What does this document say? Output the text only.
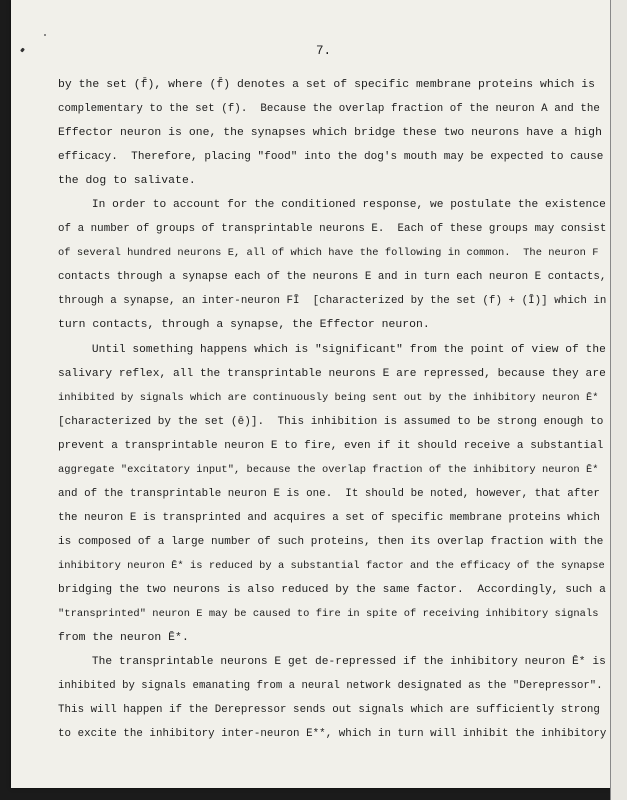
7.
by the set (f̄), where (f̄) denotes a set of specific membrane proteins which is
complementary to the set (f).  Because the overlap fraction of the neuron A and the
Effector neuron is one, the synapses which bridge these two neurons have a high
efficacy.  Therefore, placing "food" into the dog's mouth may be expected to cause
the dog to salivate.
In order to account for the conditioned response, we postulate the existence
of a number of groups of transprintable neurons E.  Each of these groups may consist
of several hundred neurons E, all of which have the following in common.  The neuron F
contacts through a synapse each of the neurons E and in turn each neuron E contacts,
through a synapse, an inter-neuron FĪ  [characterized by the set (f) + (Ī)] which in
turn contacts, through a synapse, the Effector neuron.
Until something happens which is "significant" from the point of view of the
salivary reflex, all the transprintable neurons E are repressed, because they are
inhibited by signals which are continuously being sent out by the inhibitory neuron Ē*
[characterized by the set (ē)].  This inhibition is assumed to be strong enough to
prevent a transprintable neuron E to fire, even if it should receive a substantial
aggregate "excitatory input", because the overlap fraction of the inhibitory neuron Ē*
and of the transprintable neuron E is one.  It should be noted, however, that after
the neuron E is transprinted and acquires a set of specific membrane proteins which
is composed of a large number of such proteins, then its overlap fraction with the
inhibitory neuron Ē* is reduced by a substantial factor and the efficacy of the synapse
bridging the two neurons is also reduced by the same factor.  Accordingly, such a
"transprinted" neuron E may be caused to fire in spite of receiving inhibitory signals
from the neuron Ē*.
The transprintable neurons E get de-repressed if the inhibitory neuron Ē* is
inhibited by signals emanating from a neural network designated as the "Derepressor".
This will happen if the Derepressor sends out signals which are sufficiently strong
to excite the inhibitory inter-neuron E**, which in turn will inhibit the inhibitory
